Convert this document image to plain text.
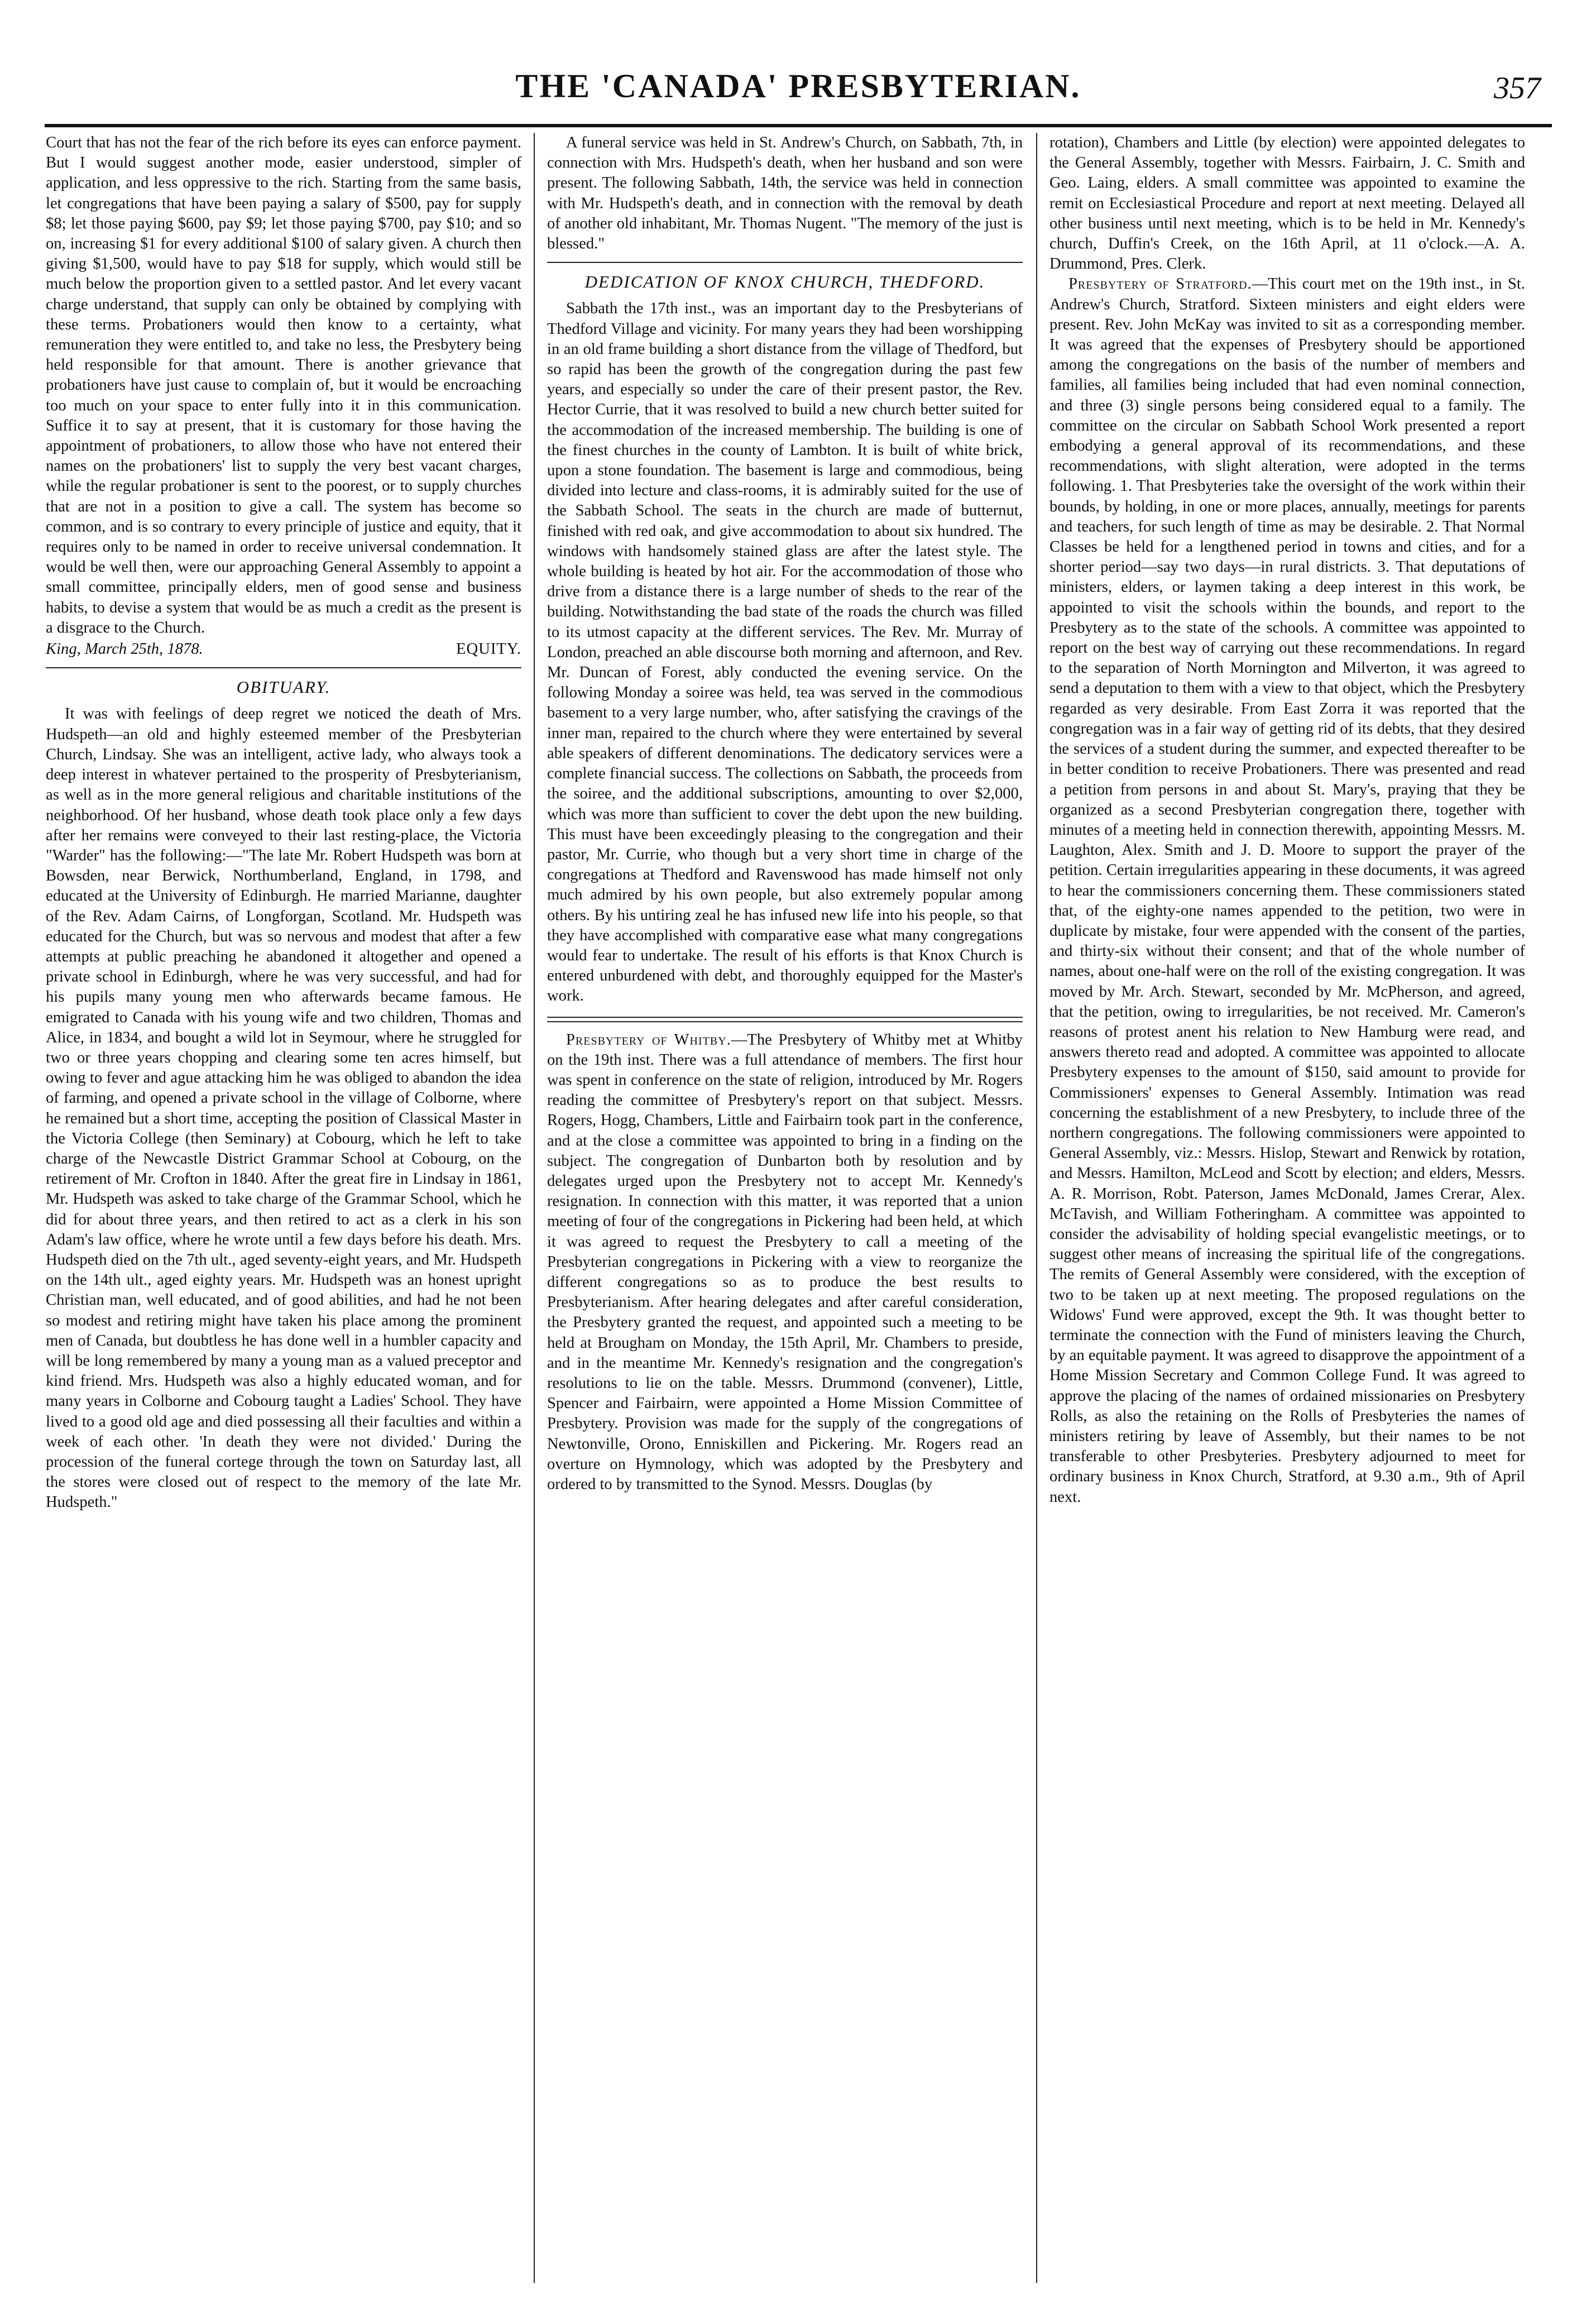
THE 'CANADA' PRESBYTERIAN.	357

Court that has not the fear of the rich before its eyes can enforce payment. But I would suggest another mode, easier understood, simpler of application, and less oppressive to the rich. Starting from the same basis, let congregations that have been paying a salary of $500, pay for supply $8; let those paying $600, pay $9; let those paying $700, pay $10; and so on, increasing $1 for every additional $100 of salary given. A church then giving $1,500, would have to pay $18 for supply, which would still be much below the proportion given to a settled pastor. And let every vacant charge understand, that supply can only be obtained by complying with these terms. Probationers would then know to a certainty, what remuneration they were entitled to, and take no less, the Presbytery being held responsible for that amount. There is another grievance that probationers have just cause to complain of, but it would be encroaching too much on your space to enter fully into it in this communication. Suffice it to say at present, that it is customary for those having the appointment of probationers, to allow those who have not entered their names on the probationers' list to supply the very best vacant charges, while the regular probationer is sent to the poorest, or to supply churches that are not in a position to give a call. The system has become so common, and is so contrary to every principle of justice and equity, that it requires only to be named in order to receive universal condemnation. It would be well then, were our approaching General Assembly to appoint a small committee, principally elders, men of good sense and business habits, to devise a system that would be as much a credit as the present is a disgrace to the Church.

King, March 25th, 1878.	EQUITY.
OBITUARY.

It was with feelings of deep regret we noticed the death of Mrs. Hudspeth—an old and highly esteemed member of the Presbyterian Church, Lindsay. She was an intelligent, active lady, who always took a deep interest in whatever pertained to the prosperity of Presbyterianism, as well as in the more general religious and charitable institutions of the neighborhood. Of her husband, whose death took place only a few days after her remains were conveyed to their last resting-place, the Victoria "Warder" has the following:—"The late Mr. Robert Hudspeth was born at Bowsden, near Berwick, Northumberland, England, in 1798, and educated at the University of Edinburgh. He married Marianne, daughter of the Rev. Adam Cairns, of Longforgan, Scotland. Mr. Hudspeth was educated for the Church, but was so nervous and modest that after a few attempts at public preaching he abandoned it altogether and opened a private school in Edinburgh, where he was very successful, and had for his pupils many young men who afterwards became famous. He emigrated to Canada with his young wife and two children, Thomas and Alice, in 1834, and bought a wild lot in Seymour, where he struggled for two or three years chopping and clearing some ten acres himself, but owing to fever and ague attacking him he was obliged to abandon the idea of farming, and opened a private school in the village of Colborne, where he remained but a short time, accepting the position of Classical Master in the Victoria College (then Seminary) at Cobourg, which he left to take charge of the Newcastle District Grammar School at Cobourg, on the retirement of Mr. Crofton in 1840. After the great fire in Lindsay in 1861, Mr. Hudspeth was asked to take charge of the Grammar School, which he did for about three years, and then retired to act as a clerk in his son Adam's law office, where he wrote until a few days before his death. Mrs. Hudspeth died on the 7th ult., aged seventy-eight years, and Mr. Hudspeth on the 14th ult., aged eighty years. Mr. Hudspeth was an honest upright Christian man, well educated, and of good abilities, and had he not been so modest and retiring might have taken his place among the prominent men of Canada, but doubtless he has done well in a humbler capacity and will be long remembered by many a young man as a valued preceptor and kind friend. Mrs. Hudspeth was also a highly educated woman, and for many years in Colborne and Cobourg taught a Ladies' School. They have lived to a good old age and died possessing all their faculties and within a week of each other. 'In death they were not divided.' During the procession of the funeral cortege through the town on Saturday last, all the stores were closed out of respect to the memory of the late Mr. Hudspeth."

A funeral service was held in St. Andrew's Church, on Sabbath, 7th, in connection with Mrs. Hudspeth's death, when her husband and son were present. The following Sabbath, 14th, the service was held in connection with Mr. Hudspeth's death, and in connection with the removal by death of another old inhabitant, Mr. Thomas Nugent. "The memory of the just is blessed."

DEDICATION OF KNOX CHURCH, THEDFORD.

Sabbath the 17th inst., was an important day to the Presbyterians of Thedford Village and vicinity. For many years they had been worshipping in an old frame building a short distance from the village of Thedford, but so rapid has been the growth of the congregation during the past few years, and especially so under the care of their present pastor, the Rev. Hector Currie, that it was resolved to build a new church better suited for the accommodation of the increased membership. The building is one of the finest churches in the county of Lambton. It is built of white brick, upon a stone foundation. The basement is large and commodious, being divided into lecture and class-rooms, it is admirably suited for the use of the Sabbath School. The seats in the church are made of butternut, finished with red oak, and give accommodation to about six hundred. The windows with handsomely stained glass are after the latest style. The whole building is heated by hot air. For the accommodation of those who drive from a distance there is a large number of sheds to the rear of the building. Notwithstanding the bad state of the roads the church was filled to its utmost capacity at the different services. The Rev. Mr. Murray of London, preached an able discourse both morning and afternoon, and Rev. Mr. Duncan of Forest, ably conducted the evening service. On the following Monday a soiree was held, tea was served in the commodious basement to a very large number, who, after satisfying the cravings of the inner man, repaired to the church where they were entertained by several able speakers of different denominations. The dedicatory services were a complete financial success. The collections on Sabbath, the proceeds from the soiree, and the additional subscriptions, amounting to over $2,000, which was more than sufficient to cover the debt upon the new building. This must have been exceedingly pleasing to the congregation and their pastor, Mr. Currie, who though but a very short time in charge of the congregations at Thedford and Ravenswood has made himself not only much admired by his own people, but also extremely popular among others. By his untiring zeal he has infused new life into his people, so that they have accomplished with comparative ease what many congregations would fear to undertake. The result of his efforts is that Knox Church is entered unburdened with debt, and thoroughly equipped for the Master's work.

Presbytery of Whitby.—The Presbytery of Whitby met at Whitby on the 19th inst. There was a full attendance of members. The first hour was spent in conference on the state of religion, introduced by Mr. Rogers reading the committee of Presbytery's report on that subject. Messrs. Rogers, Hogg, Chambers, Little and Fairbairn took part in the conference, and at the close a committee was appointed to bring in a finding on the subject. The congregation of Dunbarton both by resolution and by delegates urged upon the Presbytery not to accept Mr. Kennedy's resignation. In connection with this matter, it was reported that a union meeting of four of the congregations in Pickering had been held, at which it was agreed to request the Presbytery to call a meeting of the Presbyterian congregations in Pickering with a view to reorganize the different congregations so as to produce the best results to Presbyterianism. After hearing delegates and after careful consideration, the Presbytery granted the request, and appointed such a meeting to be held at Brougham on Monday, the 15th April, Mr. Chambers to preside, and in the meantime Mr. Kennedy's resignation and the congregation's resolutions to lie on the table. Messrs. Drummond (convener), Little, Spencer and Fairbairn, were appointed a Home Mission Committee of Presbytery. Provision was made for the supply of the congregations of Newtonville, Orono, Enniskillen and Pickering. Mr. Rogers read an overture on Hymnology, which was adopted by the Presbytery and ordered to by transmitted to the Synod. Messrs. Douglas (by

rotation), Chambers and Little (by election) were appointed delegates to the General Assembly, together with Messrs. Fairbairn, J. C. Smith and Geo. Laing, elders. A small committee was appointed to examine the remit on Ecclesiastical Procedure and report at next meeting. Delayed all other business until next meeting, which is to be held in Mr. Kennedy's church, Duffin's Creek, on the 16th April, at 11 o'clock.—A. A. Drummond, Pres. Clerk.

Presbytery of Stratford.—This court met on the 19th inst., in St. Andrew's Church, Stratford. Sixteen ministers and eight elders were present. Rev. John McKay was invited to sit as a corresponding member. It was agreed that the expenses of Presbytery should be apportioned among the congregations on the basis of the number of members and families, all families being included that had even nominal connection, and three (3) single persons being considered equal to a family. The committee on the circular on Sabbath School Work presented a report embodying a general approval of its recommendations, and these recommendations, with slight alteration, were adopted in the terms following. 1. That Presbyteries take the oversight of the work within their bounds, by holding, in one or more places, annually, meetings for parents and teachers, for such length of time as may be desirable. 2. That Normal Classes be held for a lengthened period in towns and cities, and for a shorter period—say two days—in rural districts. 3. That deputations of ministers, elders, or laymen taking a deep interest in this work, be appointed to visit the schools within the bounds, and report to the Presbytery as to the state of the schools. A committee was appointed to report on the best way of carrying out these recommendations. In regard to the separation of North Mornington and Milverton, it was agreed to send a deputation to them with a view to that object, which the Presbytery regarded as very desirable. From East Zorra it was reported that the congregation was in a fair way of getting rid of its debts, that they desired the services of a student during the summer, and expected thereafter to be in better condition to receive Probationers. There was presented and read a petition from persons in and about St. Mary's, praying that they be organized as a second Presbyterian congregation there, together with minutes of a meeting held in connection therewith, appointing Messrs. M. Laughton, Alex. Smith and J. D. Moore to support the prayer of the petition. Certain irregularities appearing in these documents, it was agreed to hear the commissioners concerning them. These commissioners stated that, of the eighty-one names appended to the petition, two were in duplicate by mistake, four were appended with the consent of the parties, and thirty-six without their consent; and that of the whole number of names, about one-half were on the roll of the existing congregation. It was moved by Mr. Arch. Stewart, seconded by Mr. McPherson, and agreed, that the petition, owing to irregularities, be not received. Mr. Cameron's reasons of protest anent his relation to New Hamburg were read, and answers thereto read and adopted. A committee was appointed to allocate Presbytery expenses to the amount of $150, said amount to provide for Commissioners' expenses to General Assembly. Intimation was read concerning the establishment of a new Presbytery, to include three of the northern congregations. The following commissioners were appointed to General Assembly, viz.: Messrs. Hislop, Stewart and Renwick by rotation, and Messrs. Hamilton, McLeod and Scott by election; and elders, Messrs. A. R. Morrison, Robt. Paterson, James McDonald, James Crerar, Alex. McTavish, and William Fotheringham. A committee was appointed to consider the advisability of holding special evangelistic meetings, or to suggest other means of increasing the spiritual life of the congregations. The remits of General Assembly were considered, with the exception of two to be taken up at next meeting. The proposed regulations on the Widows' Fund were approved, except the 9th. It was thought better to terminate the connection with the Fund of ministers leaving the Church, by an equitable payment. It was agreed to disapprove the appointment of a Home Mission Secretary and Common College Fund. It was agreed to approve the placing of the names of ordained missionaries on Presbytery Rolls, as also the retaining on the Rolls of Presbyteries the names of ministers retiring by leave of Assembly, but their names to be not transferable to other Presbyteries. Presbytery adjourned to meet for ordinary business in Knox Church, Stratford, at 9.30 a.m., 9th of April next.
